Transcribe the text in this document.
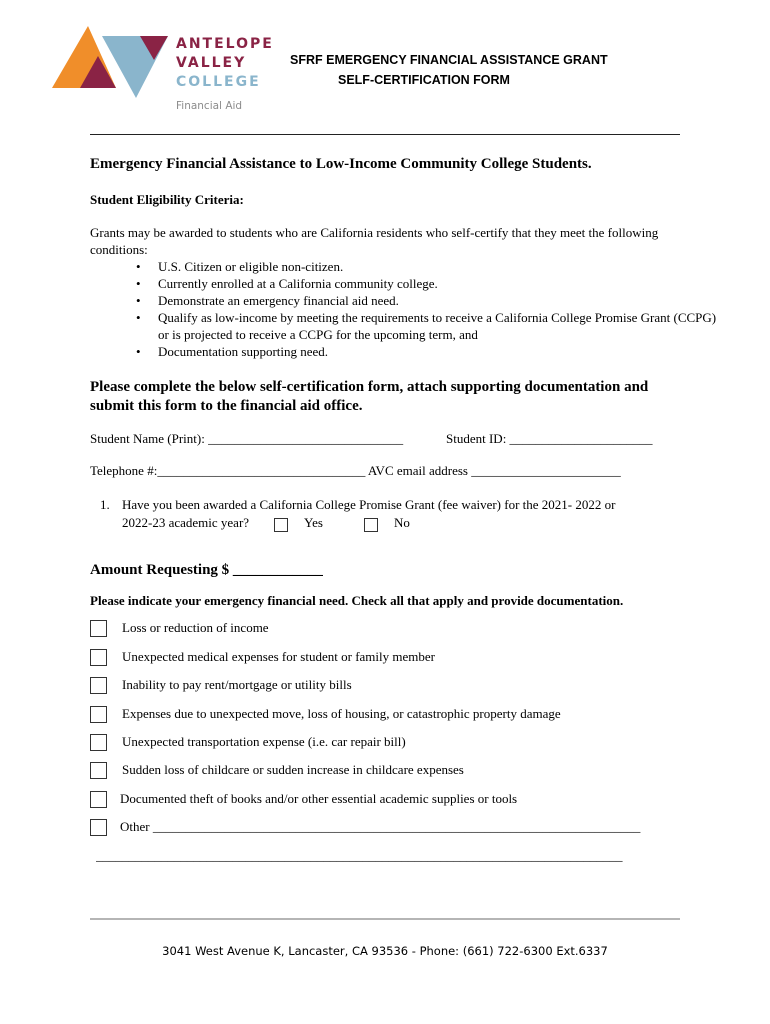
ANTELOPE
VALLEY
COLLEGE
Financial Aid
SFRF EMERGENCY FINANCIAL ASSISTANCE GRANT
SELF-CERTIFICATION FORM
Emergency Financial Assistance to Low-Income Community College Students.
Student Eligibility Criteria:
Grants may be awarded to students who are California residents who self-certify that they meet the following conditions:
• U.S. Citizen or eligible non-citizen.
• Currently enrolled at a California community college.
• Demonstrate an emergency financial aid need.
• Qualify as low-income by meeting the requirements to receive a California College Promise Grant (CCPG) or is projected to receive a CCPG for the upcoming term, and
• Documentation supporting need.
Please complete the below self-certification form, attach supporting documentation and submit this form to the financial aid office.
Student Name (Print): ______________________________	Student ID: ______________________
Telephone #:________________________________ AVC email address _______________________
1. Have you been awarded a California College Promise Grant (fee waiver) for the 2021- 2022 or
2022-23 academic year?	Yes	No
Amount Requesting $ ____________
Please indicate your emergency financial need. Check all that apply and provide documentation.
Loss or reduction of income
Unexpected medical expenses for student or family member
Inability to pay rent/mortgage or utility bills
Expenses due to unexpected move, loss of housing, or catastrophic property damage
Unexpected transportation expense (i.e. car repair bill)
Sudden loss of childcare or sudden increase in childcare expenses
Documented theft of books and/or other essential academic supplies or tools
Other ___________________________________________________________________________
_________________________________________________________________________________
3041 West Avenue K, Lancaster, CA 93536 - Phone: (661) 722-6300 Ext.6337
